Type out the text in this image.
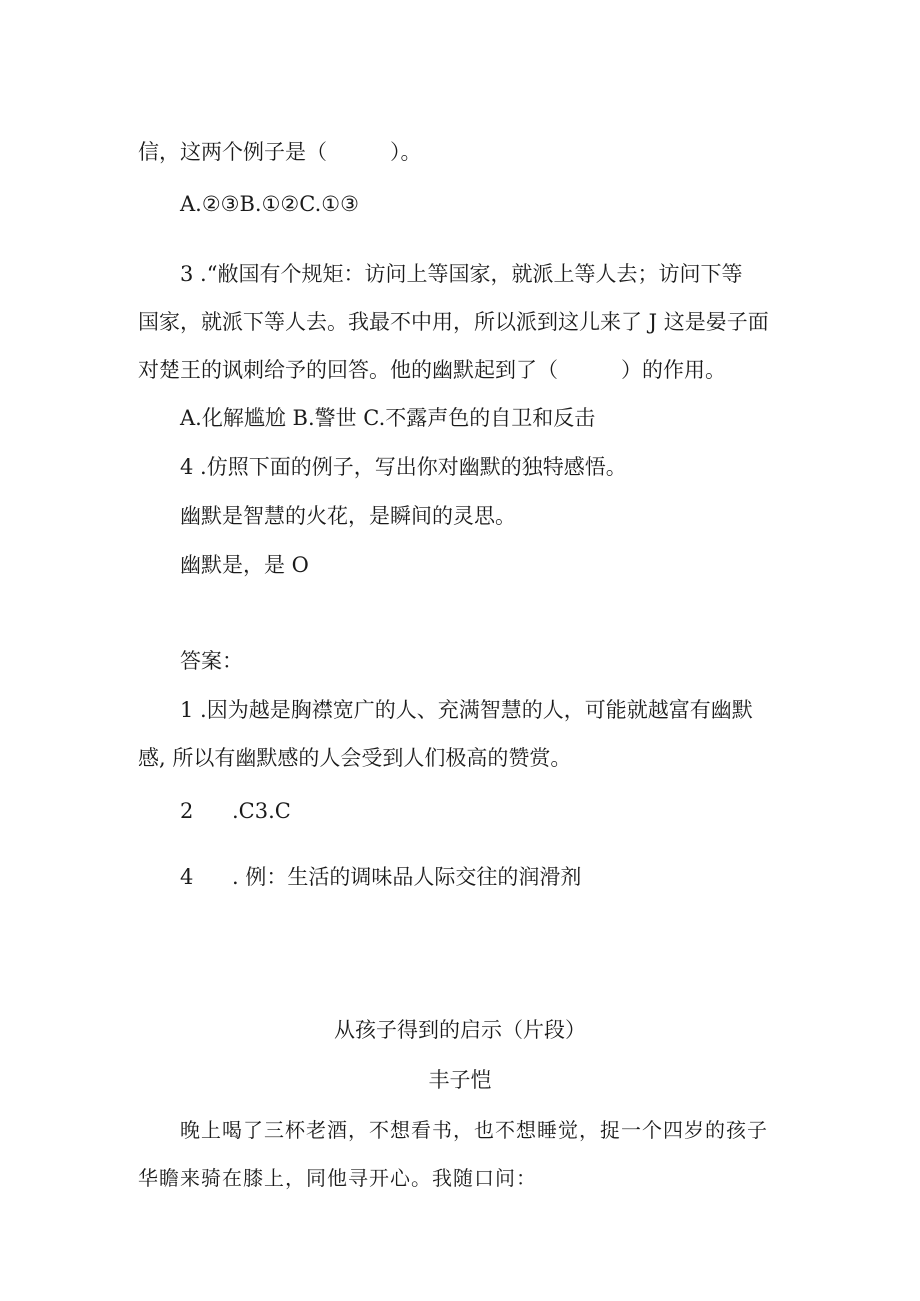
信，这两个例子是（　　　）。
A.②③B.①②C.①③
3 .“敝国有个规矩：访问上等国家，就派上等人去；访问下等
国家，就派下等人去。我最不中用，所以派到这儿来了 J 这是晏子面
对楚王的讽刺给予的回答。他的幽默起到了（　　　）的作用。
A.化解尴尬 B.警世 C.不露声色的自卫和反击
4 .仿照下面的例子，写出你对幽默的独特感悟。
幽默是智慧的火花，是瞬间的灵思。
幽默是，是 O
答案：
1 .因为越是胸襟宽广的人、充满智慧的人，可能就越富有幽默
感, 所以有幽默感的人会受到人们极高的赞赏。
2 .C3.C
4 . 例：生活的调味品人际交往的润滑剂
从孩子得到的启示（片段）
丰子恺
晚上喝了三杯老酒，不想看书，也不想睡觉，捉一个四岁的孩子
华瞻来骑在膝上，同他寻开心。我随口问：
